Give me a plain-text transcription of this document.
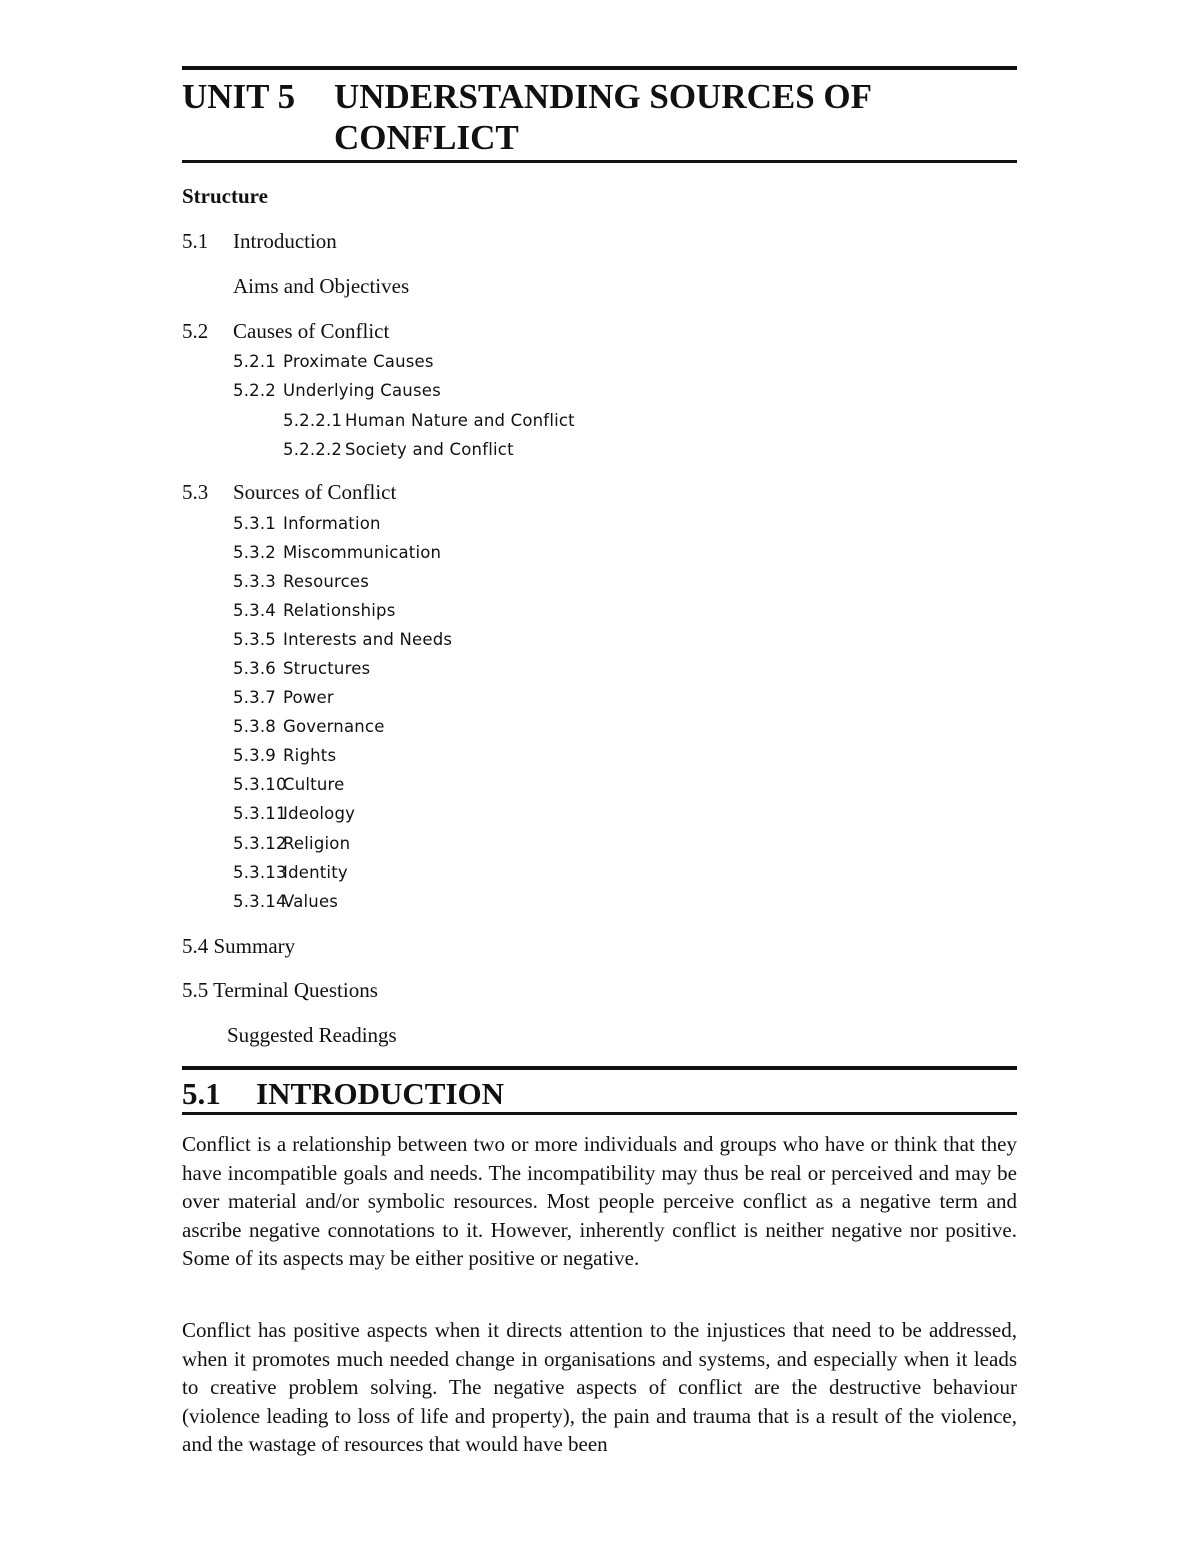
UNIT 5 UNDERSTANDING SOURCES OF CONFLICT
Structure
5.1 Introduction
Aims and Objectives
5.2 Causes of Conflict
5.2.1 Proximate Causes
5.2.2 Underlying Causes
5.2.2.1 Human Nature and Conflict
5.2.2.2 Society and Conflict
5.3 Sources of Conflict
5.3.1 Information
5.3.2 Miscommunication
5.3.3 Resources
5.3.4 Relationships
5.3.5 Interests and Needs
5.3.6 Structures
5.3.7 Power
5.3.8 Governance
5.3.9 Rights
5.3.10
Culture
5.3.11
Ideology
5.3.12
Religion
5.3.13
Identity
5.3.14
Values
5.4 Summary
5.5 Terminal Questions
Suggested Readings
5.1 INTRODUCTION

Conflict is a relationship between two or more individuals and groups who have or think that they have incompatible goals and needs. The incompatibility may thus be real or perceived and may be over material and/or symbolic resources. Most people perceive conflict as a negative term and ascribe negative connotations to it. However, inherently conflict is neither negative nor positive. Some of its aspects may be either positive or negative.

Conflict has positive aspects when it directs attention to the injustices that need to be addressed, when it promotes much needed change in organisations and systems, and especially when it leads to creative problem solving. The negative aspects of conflict are the destructive behaviour (violence leading to loss of life and property), the pain and trauma that is a result of the violence, and the wastage of resources that would have been
